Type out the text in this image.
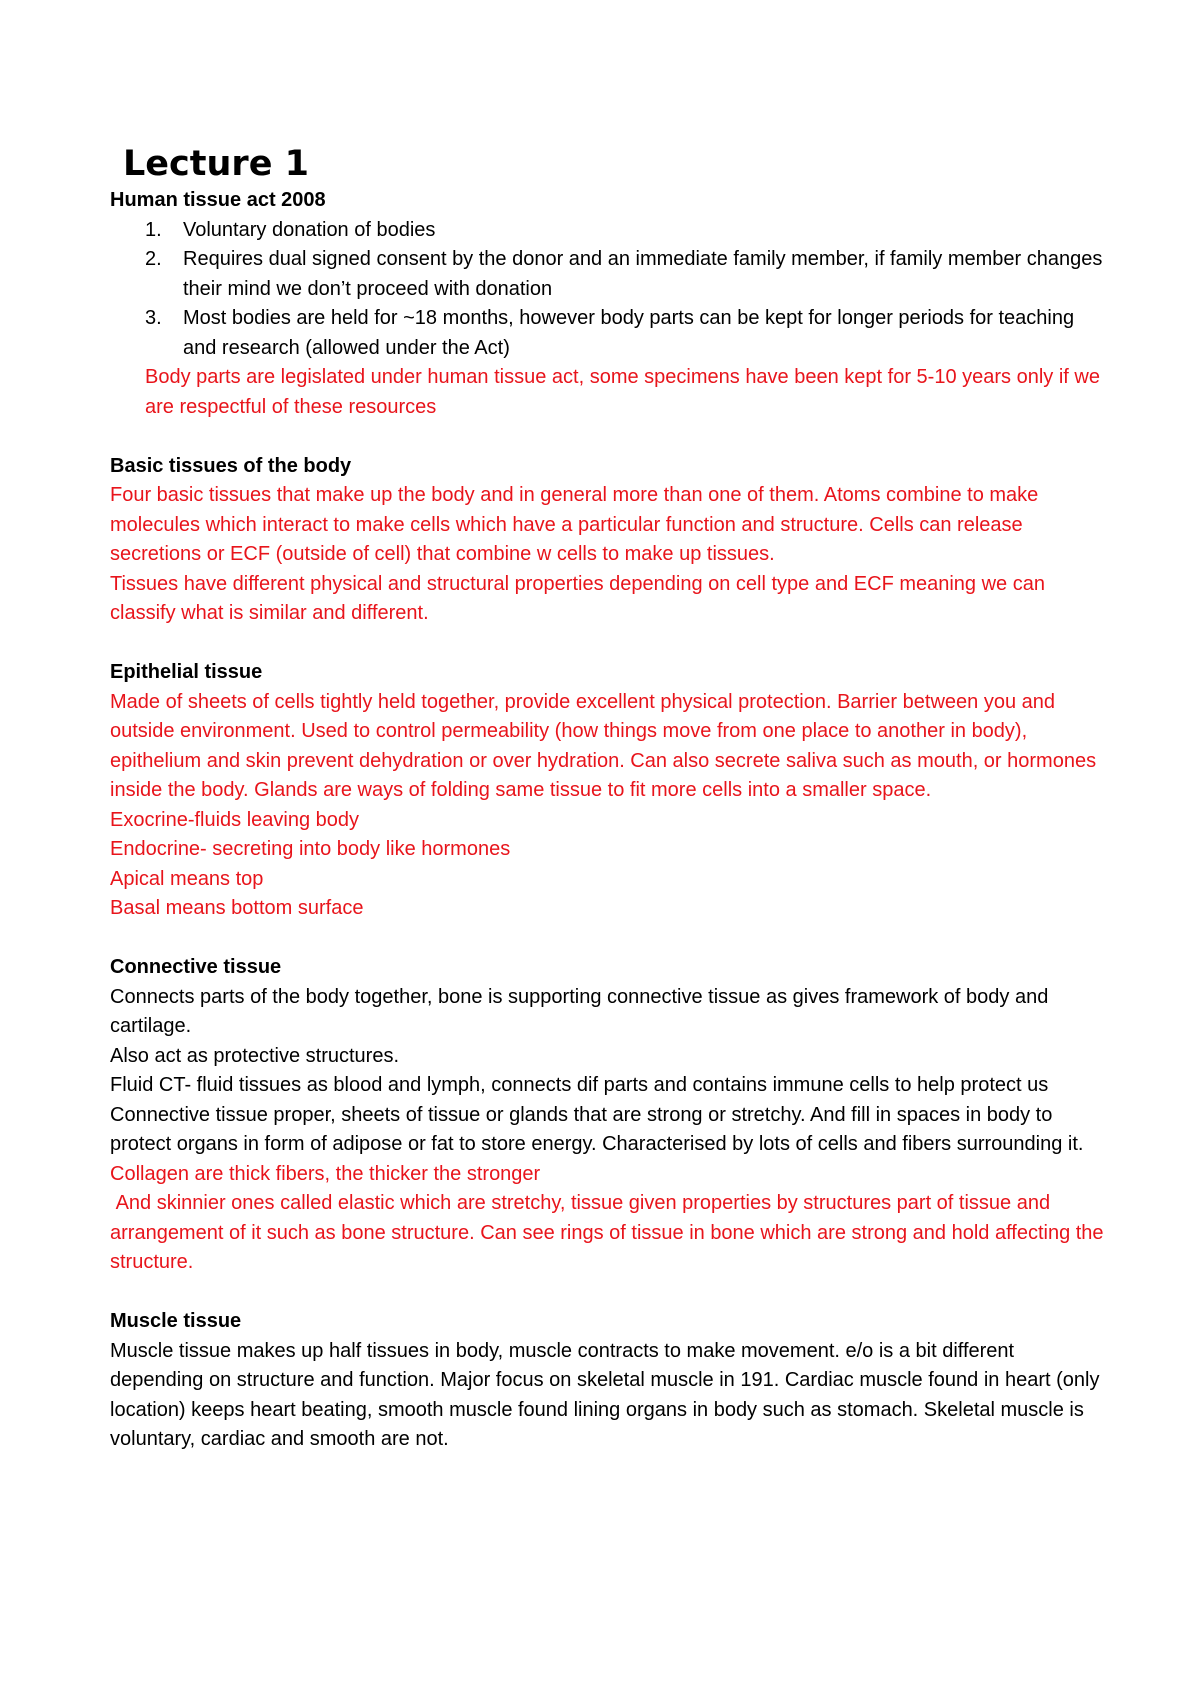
Lecture 1

Human tissue act 2008

1. Voluntary donation of bodies
2. Requires dual signed consent by the donor and an immediate family member, if family member changes their mind we don’t proceed with donation
3. Most bodies are held for ~18 months, however body parts can be kept for longer periods for teaching and research (allowed under the Act)

Body parts are legislated under human tissue act, some specimens have been kept for 5-10 years only if we are respectful of these resources

Basic tissues of the body

Four basic tissues that make up the body and in general more than one of them. Atoms combine to make molecules which interact to make cells which have a particular function and structure. Cells can release secretions or ECF (outside of cell) that combine w cells to make up tissues.

Tissues have different physical and structural properties depending on cell type and ECF meaning we can classify what is similar and different.

Epithelial tissue

Made of sheets of cells tightly held together, provide excellent physical protection. Barrier between you and outside environment. Used to control permeability (how things move from one place to another in body), epithelium and skin prevent dehydration or over hydration. Can also secrete saliva such as mouth, or hormones inside the body. Glands are ways of folding same tissue to fit more cells into a smaller space.

Exocrine-fluids leaving body

Endocrine- secreting into body like hormones

Apical means top

Basal means bottom surface

Connective tissue

Connects parts of the body together, bone is supporting connective tissue as gives framework of body and cartilage.

Also act as protective structures.

Fluid CT- fluid tissues as blood and lymph, connects dif parts and contains immune cells to help protect us

Connective tissue proper, sheets of tissue or glands that are strong or stretchy. And fill in spaces in body to protect organs in form of adipose or fat to store energy. Characterised by lots of cells and fibers surrounding it.

Collagen are thick fibers, the thicker the stronger

And skinnier ones called elastic which are stretchy, tissue given properties by structures part of tissue and arrangement of it such as bone structure. Can see rings of tissue in bone which are strong and hold affecting the structure.

Muscle tissue

Muscle tissue makes up half tissues in body, muscle contracts to make movement. e/o is a bit different depending on structure and function. Major focus on skeletal muscle in 191. Cardiac muscle found in heart (only location) keeps heart beating, smooth muscle found lining organs in body such as stomach. Skeletal muscle is voluntary, cardiac and smooth are not.
